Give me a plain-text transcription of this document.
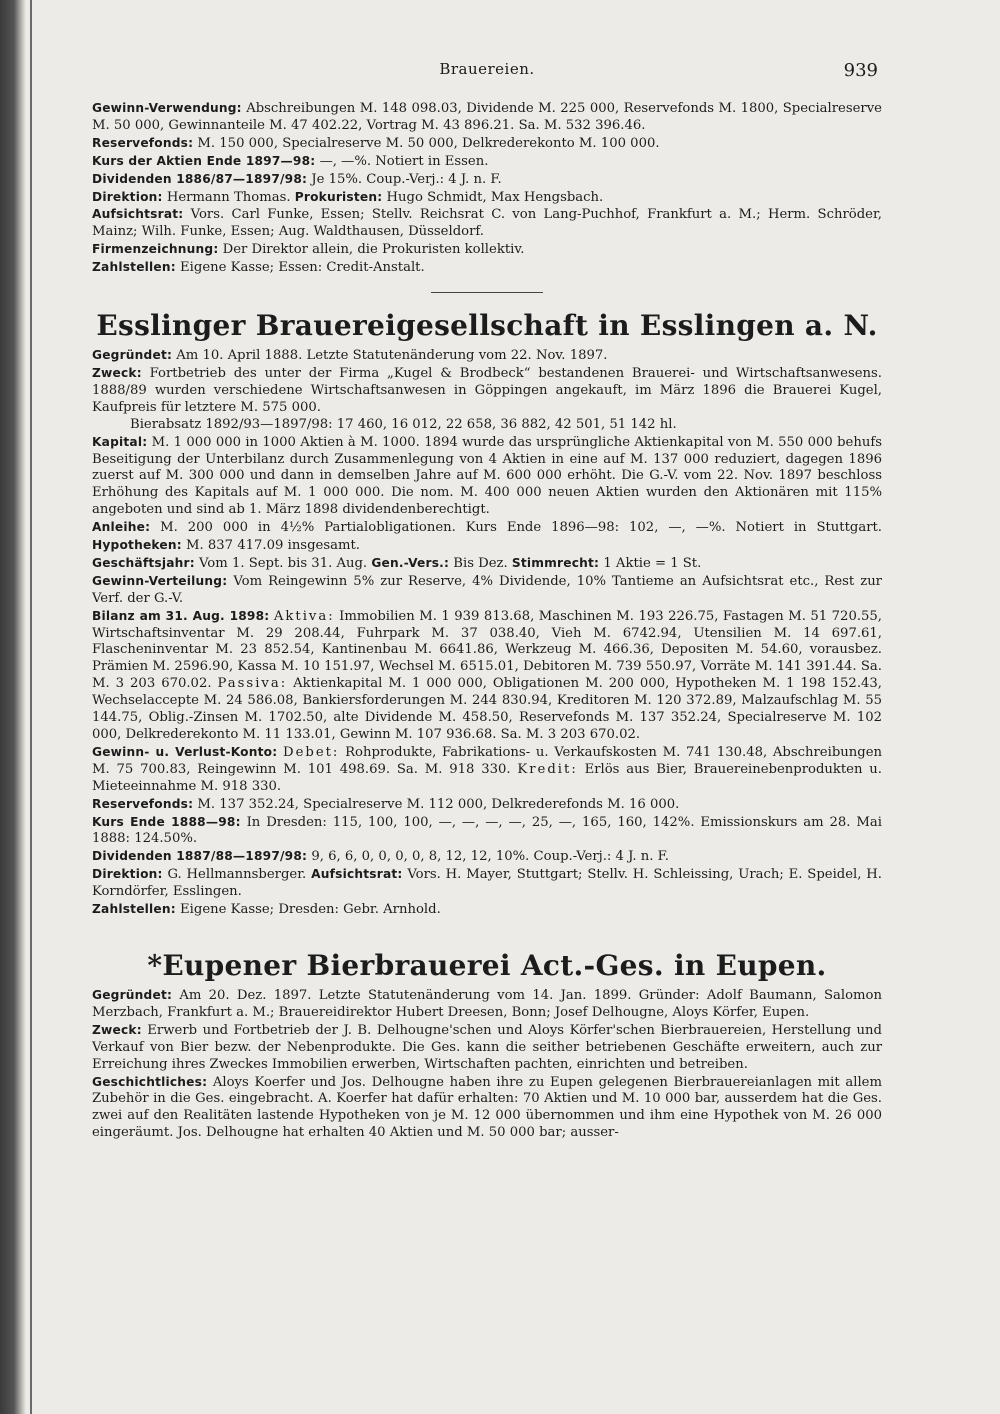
Brauereien.	939

Gewinn-Verwendung: Abschreibungen M. 148 098.03, Dividende M. 225 000, Reservefonds M. 1800, Specialreserve M. 50 000, Gewinnanteile M. 47 402.22, Vortrag M. 43 896.21. Sa. M. 532 396.46.

Reservefonds: M. 150 000, Specialreserve M. 50 000, Delkrederekonto M. 100 000.

Kurs der Aktien Ende 1897—98: —, —%. Notiert in Essen.

Dividenden 1886/87—1897/98: Je 15%. Coup.-Verj.: 4 J. n. F.

Direktion: Hermann Thomas. Prokuristen: Hugo Schmidt, Max Hengsbach.

Aufsichtsrat: Vors. Carl Funke, Essen; Stellv. Reichsrat C. von Lang-Puchhof, Frankfurt a. M.; Herm. Schröder, Mainz; Wilh. Funke, Essen; Aug. Waldthausen, Düsseldorf.

Firmenzeichnung: Der Direktor allein, die Prokuristen kollektiv.

Zahlstellen: Eigene Kasse; Essen: Credit-Anstalt.

Esslinger Brauereigesellschaft in Esslingen a. N.

Gegründet: Am 10. April 1888. Letzte Statutenänderung vom 22. Nov. 1897.

Zweck: Fortbetrieb des unter der Firma „Kugel & Brodbeck“ bestandenen Brauerei- und Wirtschaftsanwesens. 1888/89 wurden verschiedene Wirtschaftsanwesen in Göppingen angekauft, im März 1896 die Brauerei Kugel, Kaufpreis für letztere M. 575 000.

Bierabsatz 1892/93—1897/98: 17 460, 16 012, 22 658, 36 882, 42 501, 51 142 hl.

Kapital: M. 1 000 000 in 1000 Aktien à M. 1000. 1894 wurde das ursprüngliche Aktienkapital von M. 550 000 behufs Beseitigung der Unterbilanz durch Zusammenlegung von 4 Aktien in eine auf M. 137 000 reduziert, dagegen 1896 zuerst auf M. 300 000 und dann in demselben Jahre auf M. 600 000 erhöht. Die G.-V. vom 22. Nov. 1897 beschloss Erhöhung des Kapitals auf M. 1 000 000. Die nom. M. 400 000 neuen Aktien wurden den Aktionären mit 115% angeboten und sind ab 1. März 1898 dividendenberechtigt.

Anleihe: M. 200 000 in 4½% Partialobligationen. Kurs Ende 1896—98: 102, —, —%. Notiert in Stuttgart. Hypotheken: M. 837 417.09 insgesamt.

Geschäftsjahr: Vom 1. Sept. bis 31. Aug. Gen.-Vers.: Bis Dez. Stimmrecht: 1 Aktie = 1 St.

Gewinn-Verteilung: Vom Reingewinn 5% zur Reserve, 4% Dividende, 10% Tantieme an Aufsichtsrat etc., Rest zur Verf. der G.-V.

Bilanz am 31. Aug. 1898: Aktiva: Immobilien M. 1 939 813.68, Maschinen M. 193 226.75, Fastagen M. 51 720.55, Wirtschaftsinventar M. 29 208.44, Fuhrpark M. 37 038.40, Vieh M. 6742.94, Utensilien M. 14 697.61, Flascheninventar M. 23 852.54, Kantinenbau M. 6641.86, Werkzeug M. 466.36, Depositen M. 54.60, vorausbez. Prämien M. 2596.90, Kassa M. 10 151.97, Wechsel M. 6515.01, Debitoren M. 739 550.97, Vorräte M. 141 391.44. Sa. M. 3 203 670.02. Passiva: Aktienkapital M. 1 000 000, Obligationen M. 200 000, Hypotheken M. 1 198 152.43, Wechselaccepte M. 24 586.08, Bankiersforderungen M. 244 830.94, Kreditoren M. 120 372.89, Malzaufschlag M. 55 144.75, Oblig.-Zinsen M. 1702.50, alte Dividende M. 458.50, Reservefonds M. 137 352.24, Specialreserve M. 102 000, Delkrederekonto M. 11 133.01, Gewinn M. 107 936.68. Sa. M. 3 203 670.02.

Gewinn- u. Verlust-Konto: Debet: Rohprodukte, Fabrikations- u. Verkaufskosten M. 741 130.48, Abschreibungen M. 75 700.83, Reingewinn M. 101 498.69. Sa. M. 918 330. Kredit: Erlös aus Bier, Brauereinebenprodukten u. Mieteeinnahme M. 918 330.

Reservefonds: M. 137 352.24, Specialreserve M. 112 000, Delkrederefonds M. 16 000.

Kurs Ende 1888—98: In Dresden: 115, 100, 100, —, —, —, —, 25, —, 165, 160, 142%. Emissionskurs am 28. Mai 1888: 124.50%.

Dividenden 1887/88—1897/98: 9, 6, 6, 0, 0, 0, 0, 8, 12, 12, 10%. Coup.-Verj.: 4 J. n. F.

Direktion: G. Hellmannsberger. Aufsichtsrat: Vors. H. Mayer, Stuttgart; Stellv. H. Schleissing, Urach; E. Speidel, H. Korndörfer, Esslingen.

Zahlstellen: Eigene Kasse; Dresden: Gebr. Arnhold.

*Eupener Bierbrauerei Act.-Ges. in Eupen.

Gegründet: Am 20. Dez. 1897. Letzte Statutenänderung vom 14. Jan. 1899. Gründer: Adolf Baumann, Salomon Merzbach, Frankfurt a. M.; Brauereidirektor Hubert Dreesen, Bonn; Josef Delhougne, Aloys Körfer, Eupen.

Zweck: Erwerb und Fortbetrieb der J. B. Delhougne'schen und Aloys Körfer'schen Bierbrauereien, Herstellung und Verkauf von Bier bezw. der Nebenprodukte. Die Ges. kann die seither betriebenen Geschäfte erweitern, auch zur Erreichung ihres Zweckes Immobilien erwerben, Wirtschaften pachten, einrichten und betreiben.

Geschichtliches: Aloys Koerfer und Jos. Delhougne haben ihre zu Eupen gelegenen Bierbrauereianlagen mit allem Zubehör in die Ges. eingebracht. A. Koerfer hat dafür erhalten: 70 Aktien und M. 10 000 bar, ausserdem hat die Ges. zwei auf den Realitäten lastende Hypotheken von je M. 12 000 übernommen und ihm eine Hypothek von M. 26 000 eingeräumt. Jos. Delhougne hat erhalten 40 Aktien und M. 50 000 bar; ausser-
